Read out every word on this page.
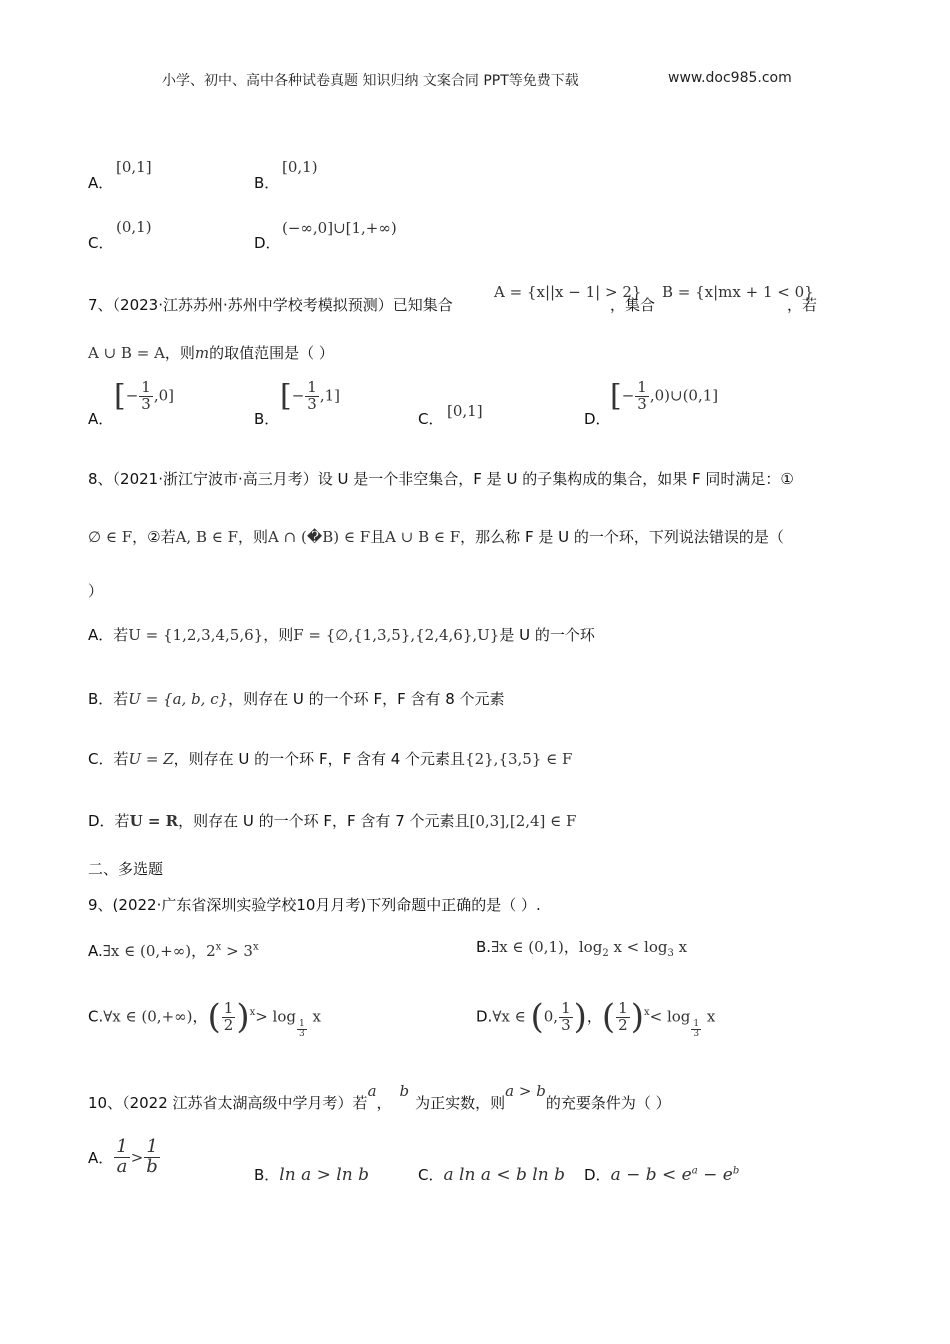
小学、初中、高中各种试卷真题 知识归纳 文案合同 PPT等免费下载	www.doc985.com
A．
[0,1]
B．
[0,1)
C．
(0,1)
D．
(−∞,0]∪[1,+∞)
7、（2023·江苏苏州·苏州中学校考模拟预测）已知集合
A = {x||x − 1| > 2}
，集合
B = {x|mx + 1 < 0}
，若
A ∪ B = A，则m的取值范围是（ ）
A．
[− $\frac{1}{3} ,0$]
B．
[− $\frac{1}{3} ,1$]
C． [0,1]	D．
[− $\frac{1}{3}$ ,0)∪(0,1]
8、（2021·浙江宁波市·高三月考）设 U 是一个非空集合，F 是 U 的子集构成的集合，如果 F 同时满足：①
∅ ∈ F，②若A, B ∈ F，则A ∩ (�B) ∈ F且A ∪ B ∈ F，那么称 F 是 U 的一个环，下列说法错误的是（
）
A．若U = {1,2,3,4,5,6}，则F = {∅,{1,3,5},{2,4,6},U}是 U 的一个环
B．若U = {a, b, c}，则存在 U 的一个环 F，F 含有 8 个元素
C．若U = Z，则存在 U 的一个环 F，F 含有 4 个元素且{2},{3,5} ∈ F
D．若U = R，则存在 U 的一个环 F，F 含有 7 个元素且[0,3],[2,4] ∈ F
二、多选题
9、(2022·广东省深圳实验学校10月月考)下列命题中正确的是（ ）.
A.∃x ∈ (0,+∞)，$2^x > 3^x$	B.∃x ∈ (0,1)，$\log_2 x < \log_3 x$
C.∀x ∈ (0,+∞)，( $\frac{1}{2} )^x> \log$
$\frac{1}{3}$
x	D.∀x ∈ (0, $\frac{1}{3}$ )，( $\frac{1}{2} )^x< \log$
$\frac{1}{3}$
x
10、（2022 江苏省太湖高级中学月考）若a，b为正实数，则a > b的充要条件为（ ）
A． $\frac{1}{a} > \frac{1}{b}$	B．ln a > ln b	C．a ln a < b ln b D．$a - b < e^a - e^b$
